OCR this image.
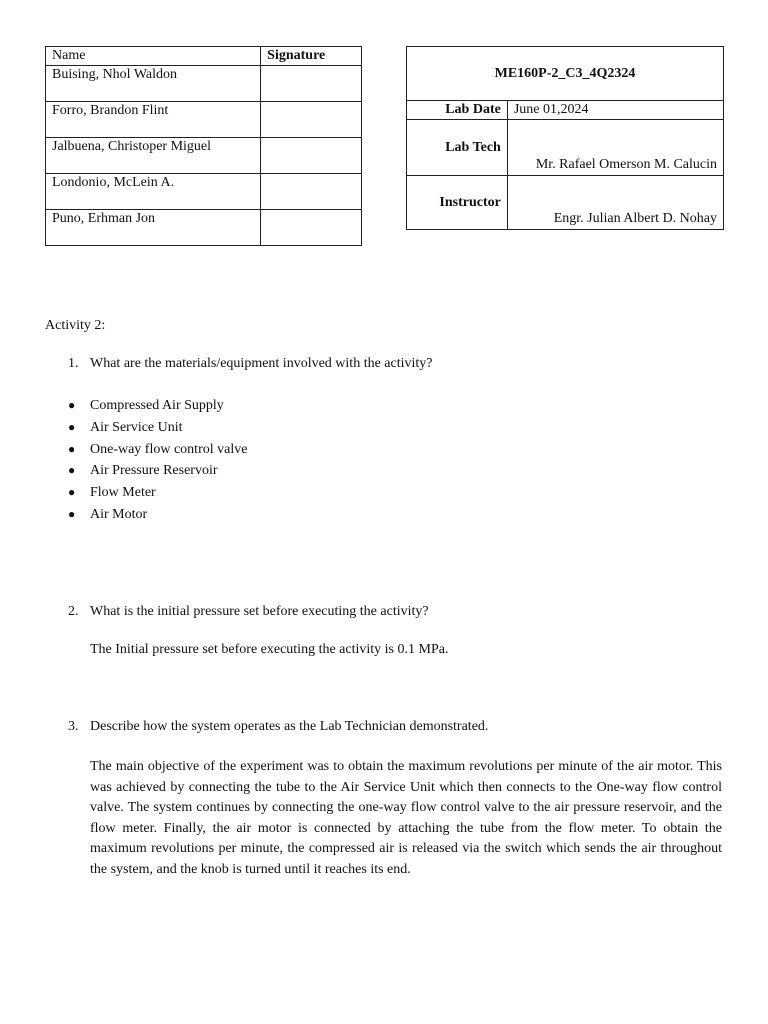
Name	Signature
Buising, Nhol Waldon	
Forro, Brandon Flint	
Jalbuena, Christoper Miguel	
Londonio, McLein A.	
Puno, Erhman Jon	
ME160P-2_C3_4Q2324	
Lab Date	June 01,2024
Lab Tech	Mr. Rafael Omerson M. Calucin
Instructor	Engr. Julian Albert D. Nohay
Activity 2:
1. What are the materials/equipment involved with the activity?
● Compressed Air Supply
● Air Service Unit
● One-way flow control valve
● Air Pressure Reservoir
● Flow Meter
● Air Motor
2. What is the initial pressure set before executing the activity?
The Initial pressure set before executing the activity is 0.1 MPa.
3. Describe how the system operates as the Lab Technician demonstrated.
The main objective of the experiment was to obtain the maximum revolutions per minute of the air motor. This was achieved by connecting the tube to the Air Service Unit which then connects to the One-way flow control valve. The system continues by connecting the one-way flow control valve to the air pressure reservoir, and the flow meter. Finally, the air motor is connected by attaching the tube from the flow meter. To obtain the maximum revolutions per minute, the compressed air is released via the switch which sends the air throughout the system, and the knob is turned until it reaches its end.
